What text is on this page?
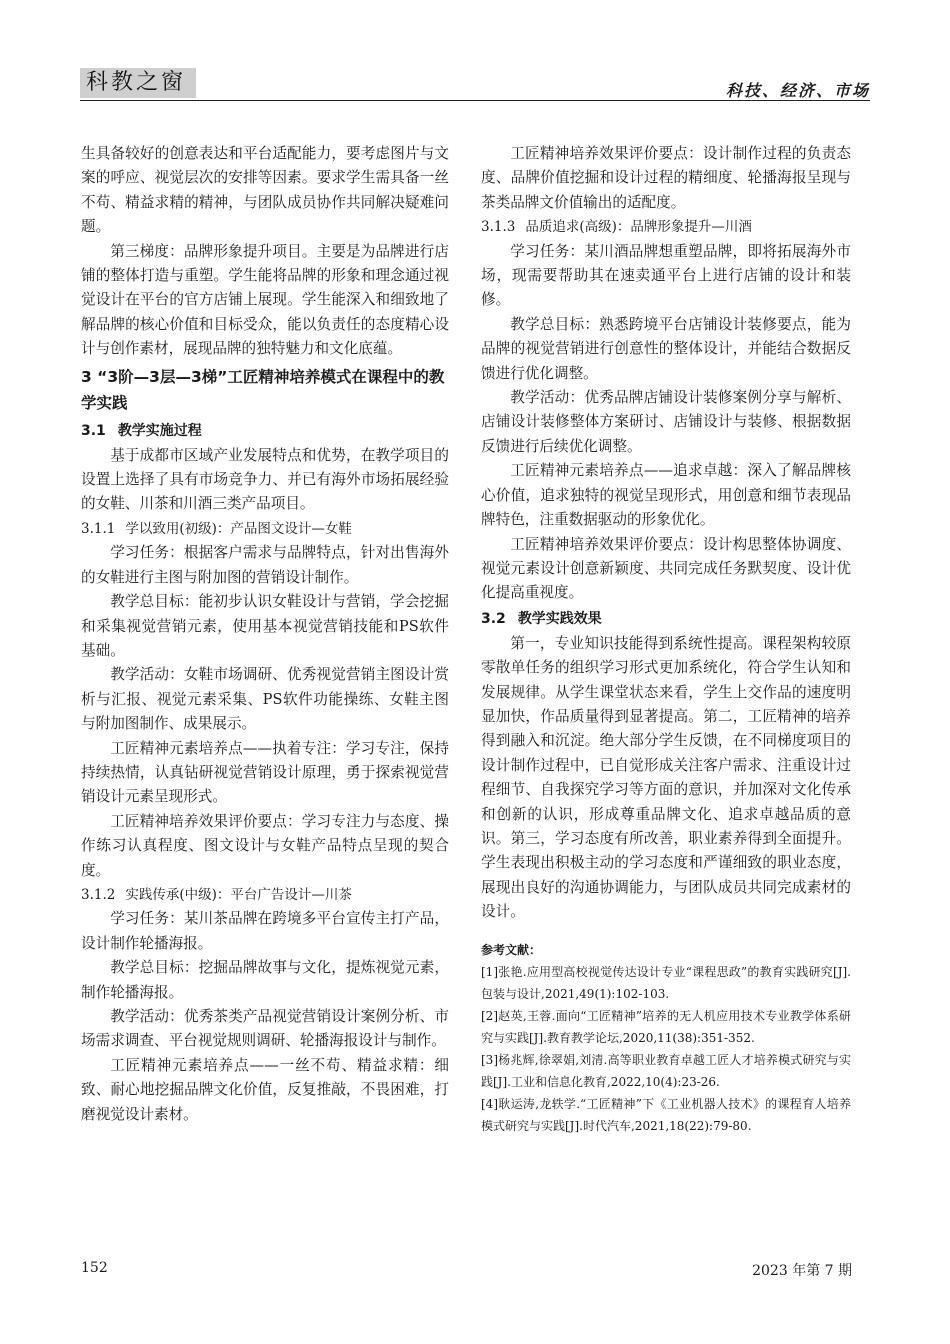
科教之窗	科技、经济、市场

生具备较好的创意表达和平台适配能力，要考虑图片与文案的呼应、视觉层次的安排等因素。要求学生需具备一丝不苟、精益求精的精神，与团队成员协作共同解决疑难问题。

第三梯度：品牌形象提升项目。主要是为品牌进行店铺的整体打造与重塑。学生能将品牌的形象和理念通过视觉设计在平台的官方店铺上展现。学生能深入和细致地了解品牌的核心价值和目标受众，能以负责任的态度精心设计与创作素材，展现品牌的独特魅力和文化底蕴。

3 “3阶—3层—3梯”工匠精神培养模式在课程中的教学实践
3.1 教学实施过程

基于成都市区域产业发展特点和优势，在教学项目的设置上选择了具有市场竞争力、并已有海外市场拓展经验的女鞋、川茶和川酒三类产品项目。

3.1.1 学以致用(初级)：产品图文设计—女鞋

学习任务：根据客户需求与品牌特点，针对出售海外的女鞋进行主图与附加图的营销设计制作。

教学总目标：能初步认识女鞋设计与营销，学会挖掘和采集视觉营销元素，使用基本视觉营销技能和PS软件基础。

教学活动：女鞋市场调研、优秀视觉营销主图设计赏析与汇报、视觉元素采集、PS软件功能操练、女鞋主图与附加图制作、成果展示。

工匠精神元素培养点——执着专注：学习专注，保持持续热情，认真钻研视觉营销设计原理，勇于探索视觉营销设计元素呈现形式。

工匠精神培养效果评价要点：学习专注力与态度、操作练习认真程度、图文设计与女鞋产品特点呈现的契合度。

3.1.2 实践传承(中级)：平台广告设计—川茶

学习任务：某川茶品牌在跨境多平台宣传主打产品，设计制作轮播海报。

教学总目标：挖掘品牌故事与文化，提炼视觉元素，制作轮播海报。

教学活动：优秀茶类产品视觉营销设计案例分析、市场需求调查、平台视觉规则调研、轮播海报设计与制作。

工匠精神元素培养点——一丝不苟、精益求精：细致、耐心地挖掘品牌文化价值，反复推敲，不畏困难，打磨视觉设计素材。

工匠精神培养效果评价要点：设计制作过程的负责态度、品牌价值挖掘和设计过程的精细度、轮播海报呈现与茶类品牌文价值输出的适配度。

3.1.3 品质追求(高级)：品牌形象提升—川酒

学习任务：某川酒品牌想重塑品牌，即将拓展海外市场，现需要帮助其在速卖通平台上进行店铺的设计和装修。

教学总目标：熟悉跨境平台店铺设计装修要点，能为品牌的视觉营销进行创意性的整体设计，并能结合数据反馈进行优化调整。

教学活动：优秀品牌店铺设计装修案例分享与解析、店铺设计装修整体方案研讨、店铺设计与装修、根据数据反馈进行后续优化调整。

工匠精神元素培养点——追求卓越：深入了解品牌核心价值，追求独特的视觉呈现形式，用创意和细节表现品牌特色，注重数据驱动的形象优化。

工匠精神培养效果评价要点：设计构思整体协调度、视觉元素设计创意新颖度、共同完成任务默契度、设计优化提高重视度。

3.2 教学实践效果

第一，专业知识技能得到系统性提高。课程架构较原零散单任务的组织学习形式更加系统化，符合学生认知和发展规律。从学生课堂状态来看，学生上交作品的速度明显加快，作品质量得到显著提高。第二，工匠精神的培养得到融入和沉淀。绝大部分学生反馈，在不同梯度项目的设计制作过程中，已自觉形成关注客户需求、注重设计过程细节、自我探究学习等方面的意识，并加深对文化传承和创新的认识，形成尊重品牌文化、追求卓越品质的意识。第三，学习态度有所改善，职业素养得到全面提升。学生表现出积极主动的学习态度和严谨细致的职业态度，展现出良好的沟通协调能力，与团队成员共同完成素材的设计。

参考文献：
[1]张艳.应用型高校视觉传达设计专业“课程思政”的教育实践研究[J].包装与设计,2021,49(1):102-103.
[2]赵英,王蓉.面向“工匠精神”培养的无人机应用技术专业教学体系研究与实践[J].教育教学论坛,2020,11(38):351-352.
[3]杨兆辉,徐翠娟,刘清.高等职业教育卓越工匠人才培养模式研究与实践[J].工业和信息化教育,2022,10(4):23-26.
[4]耿运涛,龙轶学.“工匠精神”下《工业机器人技术》的课程育人培养模式研究与实践[J].时代汽车,2021,18(22):79-80.
152	2023 年第 7 期
